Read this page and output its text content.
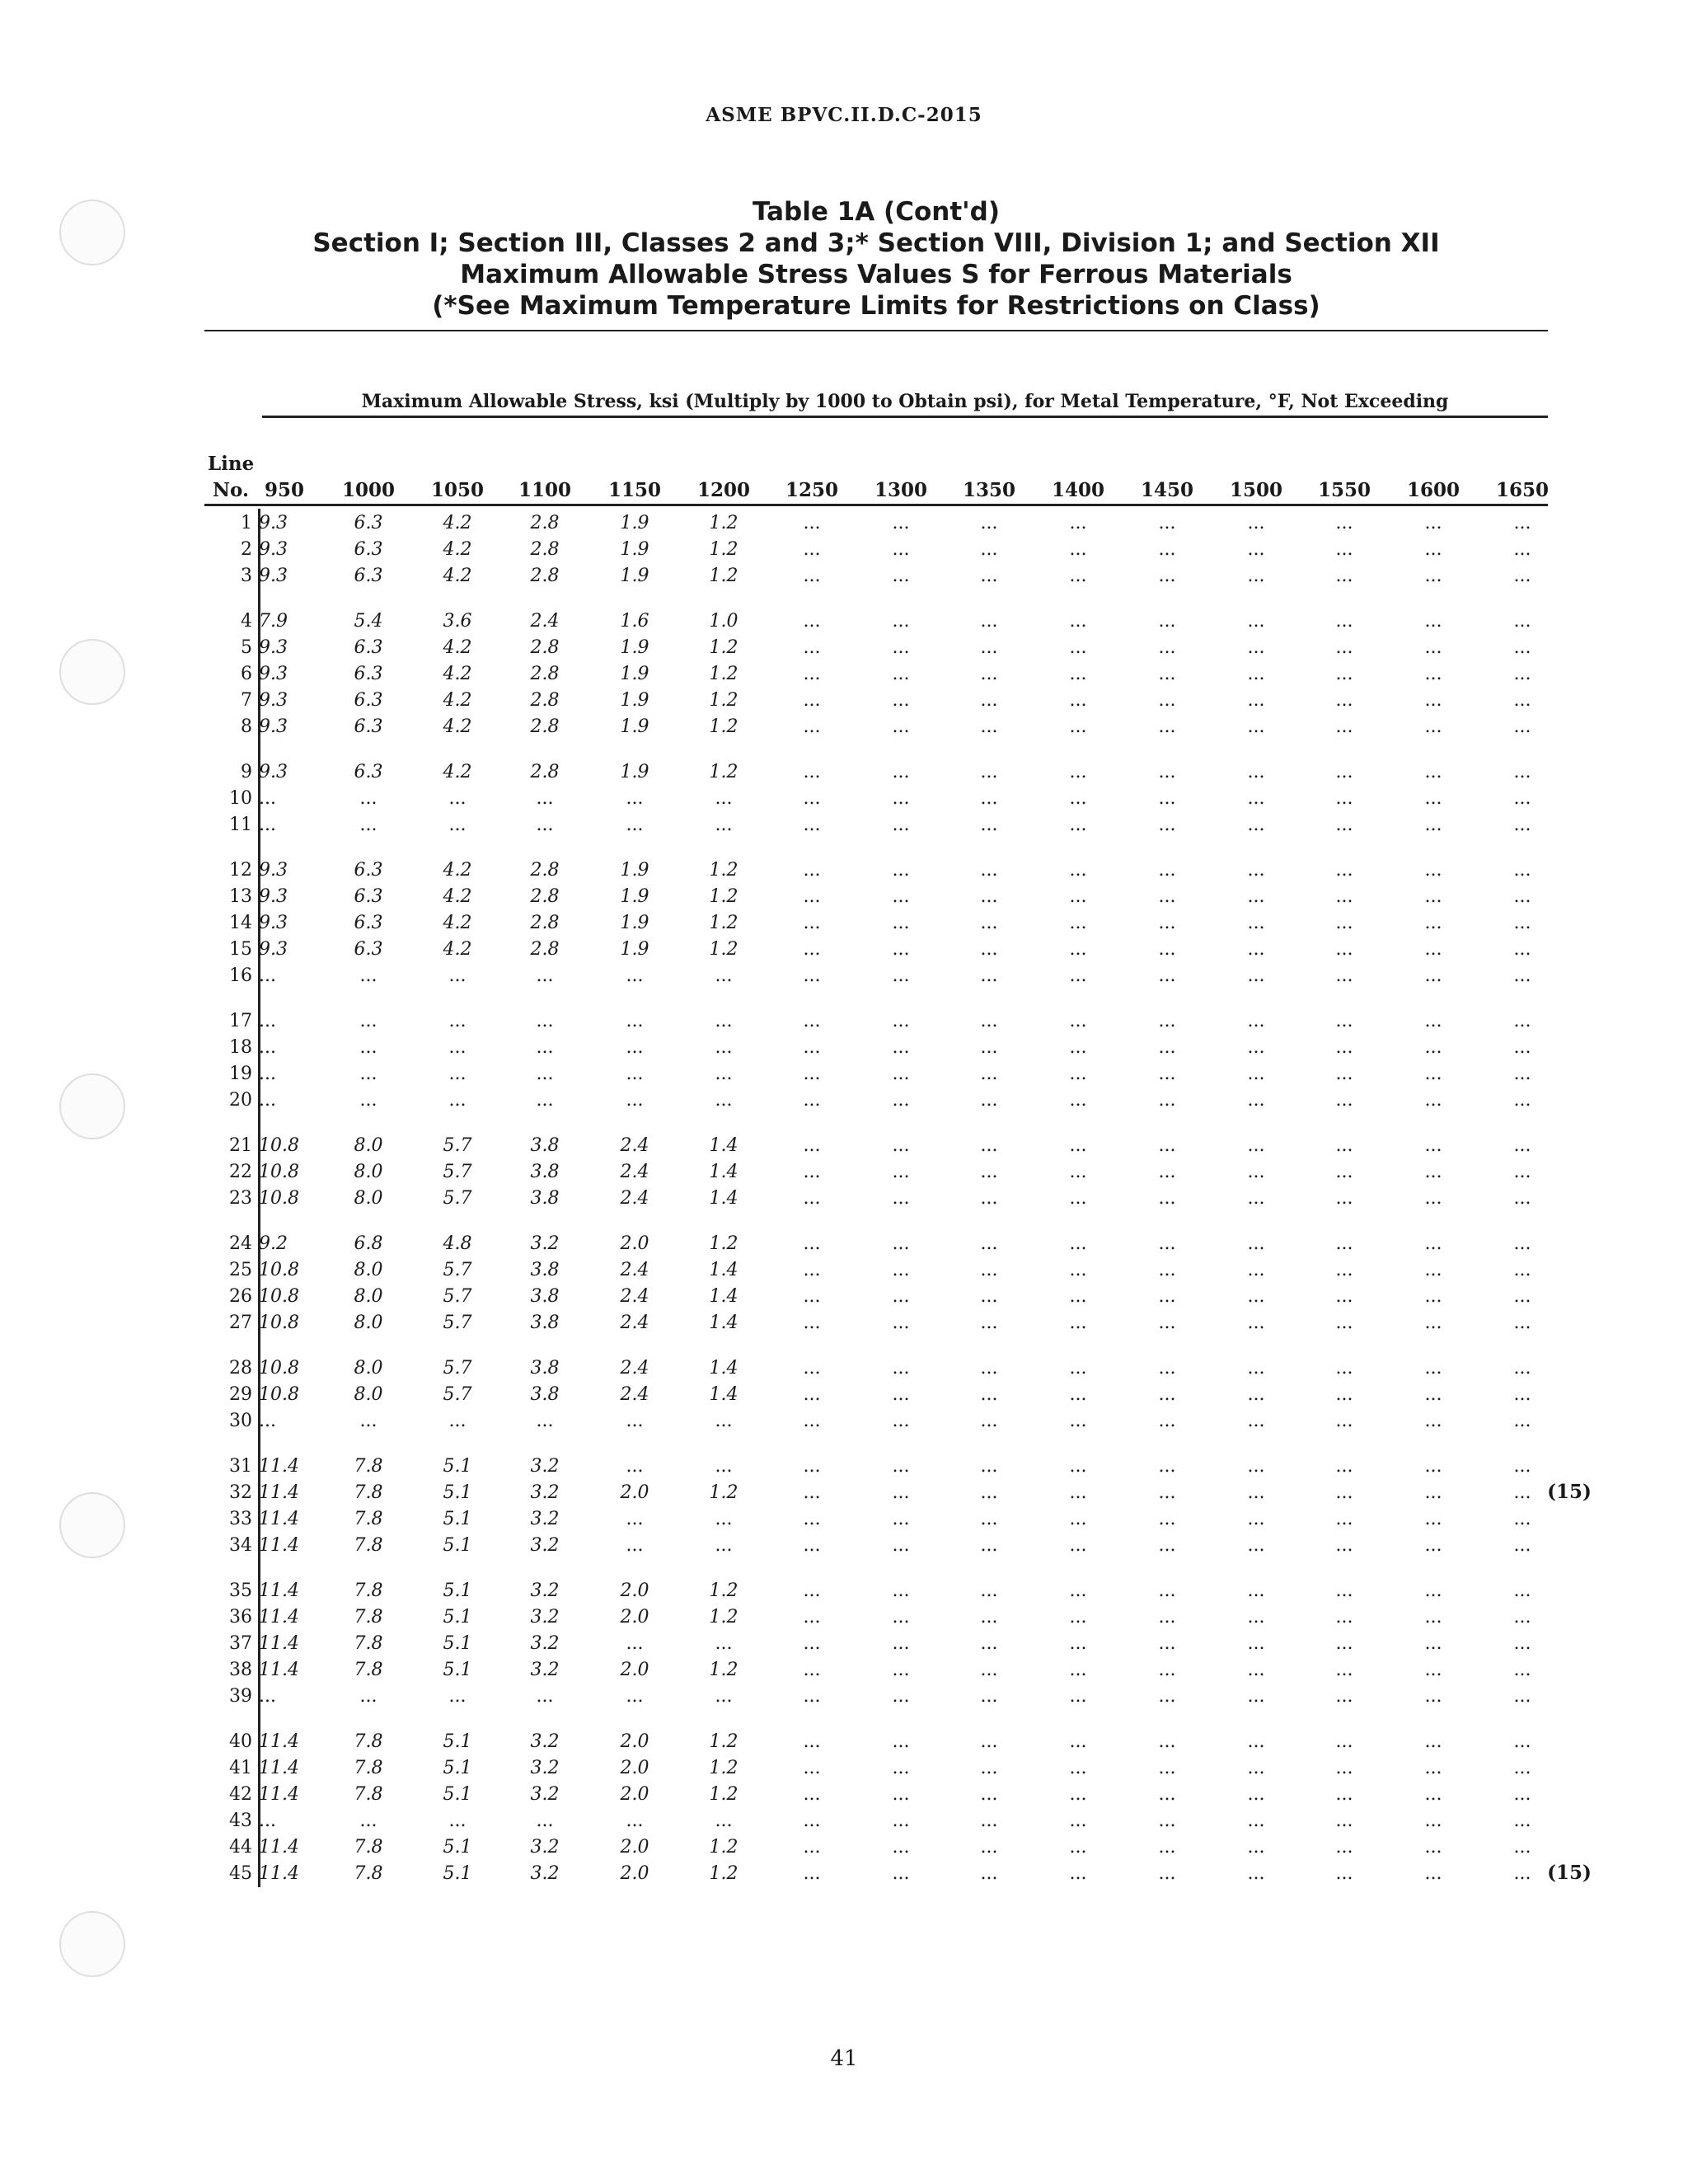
ASME BPVC.II.D.C-2015
Table 1A (Cont'd)
Section I; Section III, Classes 2 and 3;* Section VIII, Division 1; and Section XII
Maximum Allowable Stress Values S for Ferrous Materials
(*See Maximum Temperature Limits for Restrictions on Class)
Maximum Allowable Stress, ksi (Multiply by 1000 to Obtain psi), for Metal Temperature, °F, Not Exceeding
Line
No. 950	1000	1050	1100	1150	1200	1250	1300	1350	1400	1450	1500	1550	1600	1650
1 9.3	6.3	4.2	2.8	1.9	1.2	...	...	...	...	...	...	...	...	...
2 9.3	6.3	4.2	2.8	1.9	1.2	...	...	...	...	...	...	...	...	...
3 9.3	6.3	4.2	2.8	1.9	1.2	...	...	...	...	...	...	...	...	...
4 7.9	5.4	3.6	2.4	1.6	1.0	...	...	...	...	...	...	...	...	...
5 9.3	6.3	4.2	2.8	1.9	1.2	...	...	...	...	...	...	...	...	...
6 9.3	6.3	4.2	2.8	1.9	1.2	...	...	...	...	...	...	...	...	...
7 9.3	6.3	4.2	2.8	1.9	1.2	...	...	...	...	...	...	...	...	...
8 9.3	6.3	4.2	2.8	1.9	1.2	...	...	...	...	...	...	...	...	...
9 9.3	6.3	4.2	2.8	1.9	1.2	...	...	...	...	...	...	...	...	...
10 ...	...	...	...	...	...	...	...	...	...	...	...	...	...	...
11 ...	...	...	...	...	...	...	...	...	...	...	...	...	...	...
12 9.3	6.3	4.2	2.8	1.9	1.2	...	...	...	...	...	...	...	...	...
13 9.3	6.3	4.2	2.8	1.9	1.2	...	...	...	...	...	...	...	...	...
14 9.3	6.3	4.2	2.8	1.9	1.2	...	...	...	...	...	...	...	...	...
15 9.3	6.3	4.2	2.8	1.9	1.2	...	...	...	...	...	...	...	...	...
16 ...	...	...	...	...	...	...	...	...	...	...	...	...	...	...
17 ...	...	...	...	...	...	...	...	...	...	...	...	...	...	...
18 ...	...	...	...	...	...	...	...	...	...	...	...	...	...	...
19 ...	...	...	...	...	...	...	...	...	...	...	...	...	...	...
20 ...	...	...	...	...	...	...	...	...	...	...	...	...	...	...
21 10.8	8.0	5.7	3.8	2.4	1.4	...	...	...	...	...	...	...	...	...
22 10.8	8.0	5.7	3.8	2.4	1.4	...	...	...	...	...	...	...	...	...
23 10.8	8.0	5.7	3.8	2.4	1.4	...	...	...	...	...	...	...	...	...
24 9.2	6.8	4.8	3.2	2.0	1.2	...	...	...	...	...	...	...	...	...
25 10.8	8.0	5.7	3.8	2.4	1.4	...	...	...	...	...	...	...	...	...
26 10.8	8.0	5.7	3.8	2.4	1.4	...	...	...	...	...	...	...	...	...
27 10.8	8.0	5.7	3.8	2.4	1.4	...	...	...	...	...	...	...	...	...
28 10.8	8.0	5.7	3.8	2.4	1.4	...	...	...	...	...	...	...	...	...
29 10.8	8.0	5.7	3.8	2.4	1.4	...	...	...	...	...	...	...	...	...
30 ...	...	...	...	...	...	...	...	...	...	...	...	...	...	...
31 11.4	7.8	5.1	3.2	...	...	...	...	...	...	...	...	...	...	...
32 11.4	7.8	5.1	3.2	2.0	1.2	...	...	...	...	...	...	...	...	...
33 11.4	7.8	5.1	3.2	...	...	...	...	...	...	...	...	...	...	...
34 11.4	7.8	5.1	3.2	...	...	...	...	...	...	...	...	...	...	...
35 11.4	7.8	5.1	3.2	2.0	1.2	...	...	...	...	...	...	...	...	...
36 11.4	7.8	5.1	3.2	2.0	1.2	...	...	...	...	...	...	...	...	...
37 11.4	7.8	5.1	3.2	...	...	...	...	...	...	...	...	...	...	...
38 11.4	7.8	5.1	3.2	2.0	1.2	...	...	...	...	...	...	...	...	...
39 ...	...	...	...	...	...	...	...	...	...	...	...	...	...	...
40 11.4	7.8	5.1	3.2	2.0	1.2	...	...	...	...	...	...	...	...	...
41 11.4	7.8	5.1	3.2	2.0	1.2	...	...	...	...	...	...	...	...	...
42 11.4	7.8	5.1	3.2	2.0	1.2	...	...	...	...	...	...	...	...	...
43 ...	...	...	...	...	...	...	...	...	...	...	...	...	...	...
44 11.4	7.8	5.1	3.2	2.0	1.2	...	...	...	...	...	...	...	...	...
45 11.4	7.8	5.1	3.2	2.0	1.2	...	...	...	...	...	...	...	...	...
(15)
(15)
41
